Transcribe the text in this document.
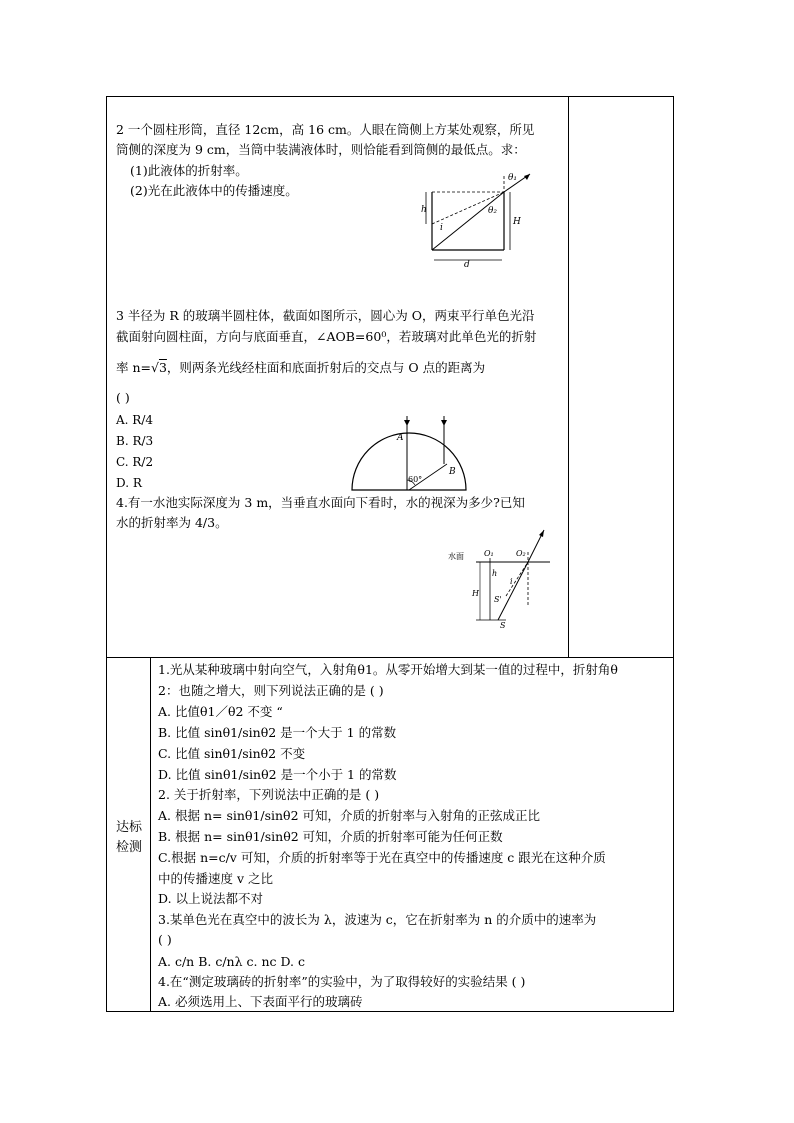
2 一个圆柱形筒，直径 12cm，高 16 cm。人眼在筒侧上方某处观察，所见
筒侧的深度为 9 cm，当筒中装满液体时，则恰能看到筒侧的最低点。求：
(1)此液体的折射率。
(2)光在此液体中的传播速度。
θ₁
θ₂
h
i
H
d
3 半径为 R 的玻璃半圆柱体，截面如图所示，圆心为 O，两束平行单色光沿
截面射向圆柱面，方向与底面垂直，∠AOB=60⁰，若玻璃对此单色光的折射
率 n=√3，则两条光线经柱面和底面折射后的交点与 O 点的距离为
( )
A. R/4
B. R/3
C. R/2
D. R
A
B
60°
4.有一水池实际深度为 3 m，当垂直水面向下看时，水的视深为多少?已知
水的折射率为 4/3。
水面	O₁	O₂
h
i
H
S'
S
达标
检测
1.光从某种玻璃中射向空气，入射角θ1。从零开始增大到某一值的过程中，折射角θ
2：也随之增大，则下列说法正确的是 ( )
A. 比值θ1／θ2 不变 “
B. 比值 sinθ1/sinθ2 是一个大于 1 的常数
C. 比值 sinθ1/sinθ2 不变
D. 比值 sinθ1/sinθ2 是一个小于 1 的常数
2. 关于折射率，下列说法中正确的是 ( )
A. 根据 n= sinθ1/sinθ2 可知，介质的折射率与入射角的正弦成正比
B. 根据 n= sinθ1/sinθ2 可知，介质的折射率可能为任何正数
C.根据 n=c/v 可知，介质的折射率等于光在真空中的传播速度 c 跟光在这种介质
中的传播速度 v 之比
D. 以上说法都不对
3.某单色光在真空中的波长为 λ，波速为 c，它在折射率为 n 的介质中的速率为
( )
A. c/n B. c/nλ c. nc D. c
4.在“测定玻璃砖的折射率”的实验中，为了取得较好的实验结果 ( )
A. 必须选用上、下表面平行的玻璃砖
